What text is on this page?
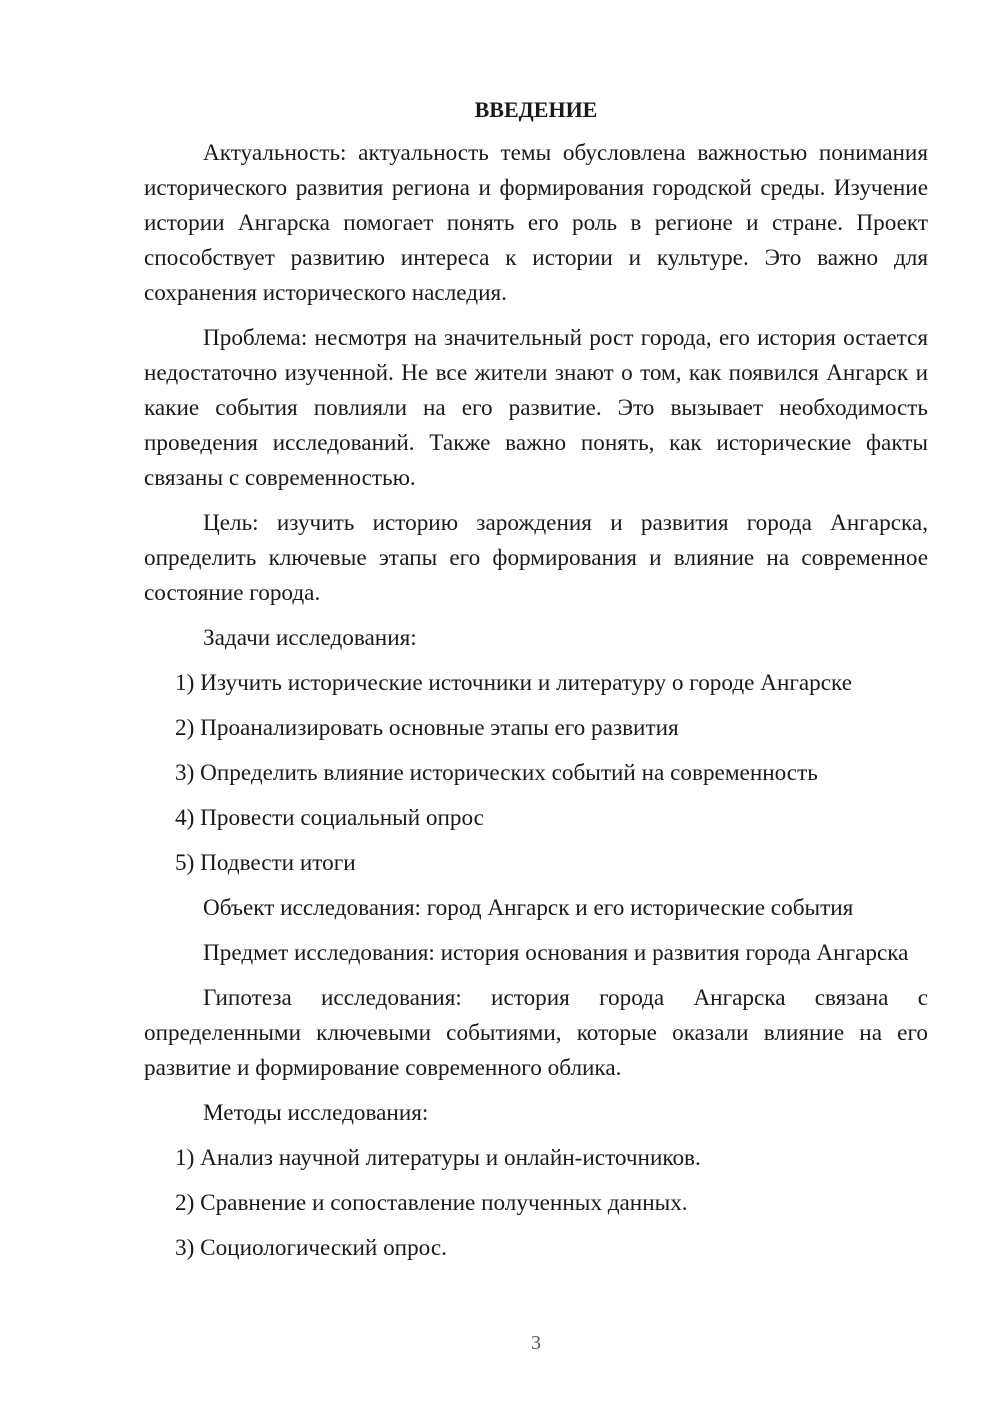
ВВЕДЕНИЕ
Актуальность: актуальность темы обусловлена важностью понимания исторического развития региона и формирования городской среды. Изучение истории Ангарска помогает понять его роль в регионе и стране. Проект способствует развитию интереса к истории и культуре. Это важно для сохранения исторического наследия.
Проблема: несмотря на значительный рост города, его история остается недостаточно изученной. Не все жители знают о том, как появился Ангарск и какие события повлияли на его развитие. Это вызывает необходимость проведения исследований. Также важно понять, как исторические факты связаны с современностью.
Цель: изучить историю зарождения и развития города Ангарска, определить ключевые этапы его формирования и влияние на современное состояние города.
Задачи исследования:
1) Изучить исторические источники и литературу о городе Ангарске
2) Проанализировать основные этапы его развития
3) Определить влияние исторических событий на современность
4) Провести социальный опрос
5) Подвести итоги
Объект исследования: город Ангарск и его исторические события
Предмет исследования: история основания и развития города Ангарска
Гипотеза исследования: история города Ангарска связана с определенными ключевыми событиями, которые оказали влияние на его развитие и формирование современного облика.
Методы исследования:
1) Анализ научной литературы и онлайн-источников.
2) Сравнение и сопоставление полученных данных.
3) Социологический опрос.
3
